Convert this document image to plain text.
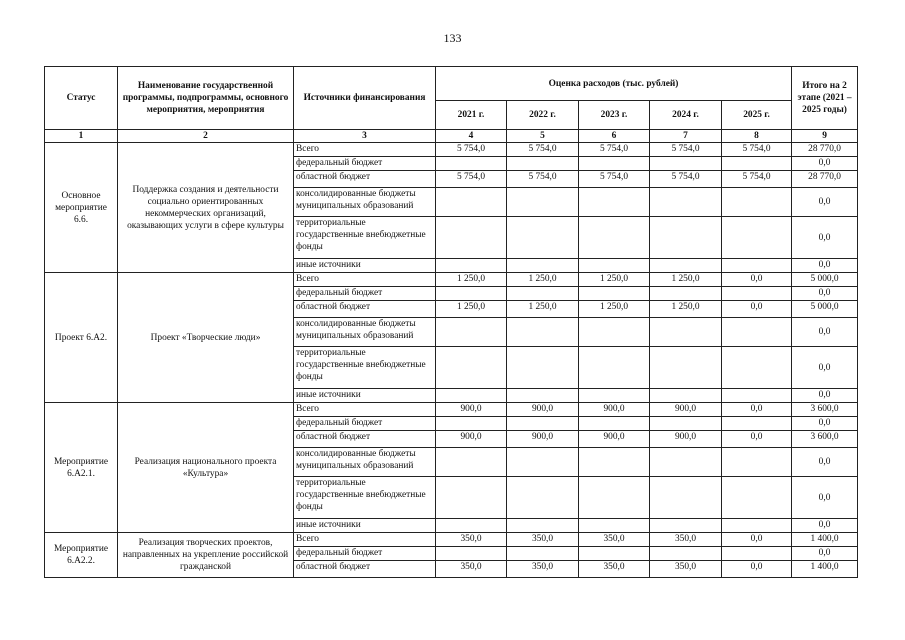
133
Статус	Наименование государственной программы, подпрограммы, основного мероприятия, мероприятия	Источники финансирования	Оценка расходов (тыс. рублей)					Итого на 2 этапе (2021 – 2025 годы)
			2021 г.	2022 г.	2023 г.	2024 г.	2025 г.	
1	2	3	4	5	6	7	8	9
Основное мероприятие 6.6.	Поддержка создания и деятельности социально ориентированных некоммерческих организаций, оказывающих услуги в сфере культуры	Всего	5 754,0	5 754,0	5 754,0	5 754,0	5 754,0	28 770,0
		федеральный бюджет						0,0
		областной бюджет	5 754,0	5 754,0	5 754,0	5 754,0	5 754,0	28 770,0
		консолидированные бюджеты муниципальных образований						0,0
		территориальные государственные внебюджетные фонды						0,0
		иные источники						0,0
Проект 6.А2.	Проект «Творческие люди»	Всего	1 250,0	1 250,0	1 250,0	1 250,0	0,0	5 000,0
		федеральный бюджет						0,0
		областной бюджет	1 250,0	1 250,0	1 250,0	1 250,0	0,0	5 000,0
		консолидированные бюджеты муниципальных образований						0,0
		территориальные государственные внебюджетные фонды						0,0
		иные источники						0,0
Мероприятие 6.А2.1.	Реализация национального проекта «Культура»	Всего	900,0	900,0	900,0	900,0	0,0	3 600,0
		федеральный бюджет						0,0
		областной бюджет	900,0	900,0	900,0	900,0	0,0	3 600,0
		консолидированные бюджеты муниципальных образований						0,0
		территориальные государственные внебюджетные фонды						0,0
		иные источники						0,0
Мероприятие 6.А2.2.	Реализация творческих проектов, направленных на укрепление российской гражданской	Всего	350,0	350,0	350,0	350,0	0,0	1 400,0
		федеральный бюджет						0,0
		областной бюджет	350,0	350,0	350,0	350,0	0,0	1 400,0
